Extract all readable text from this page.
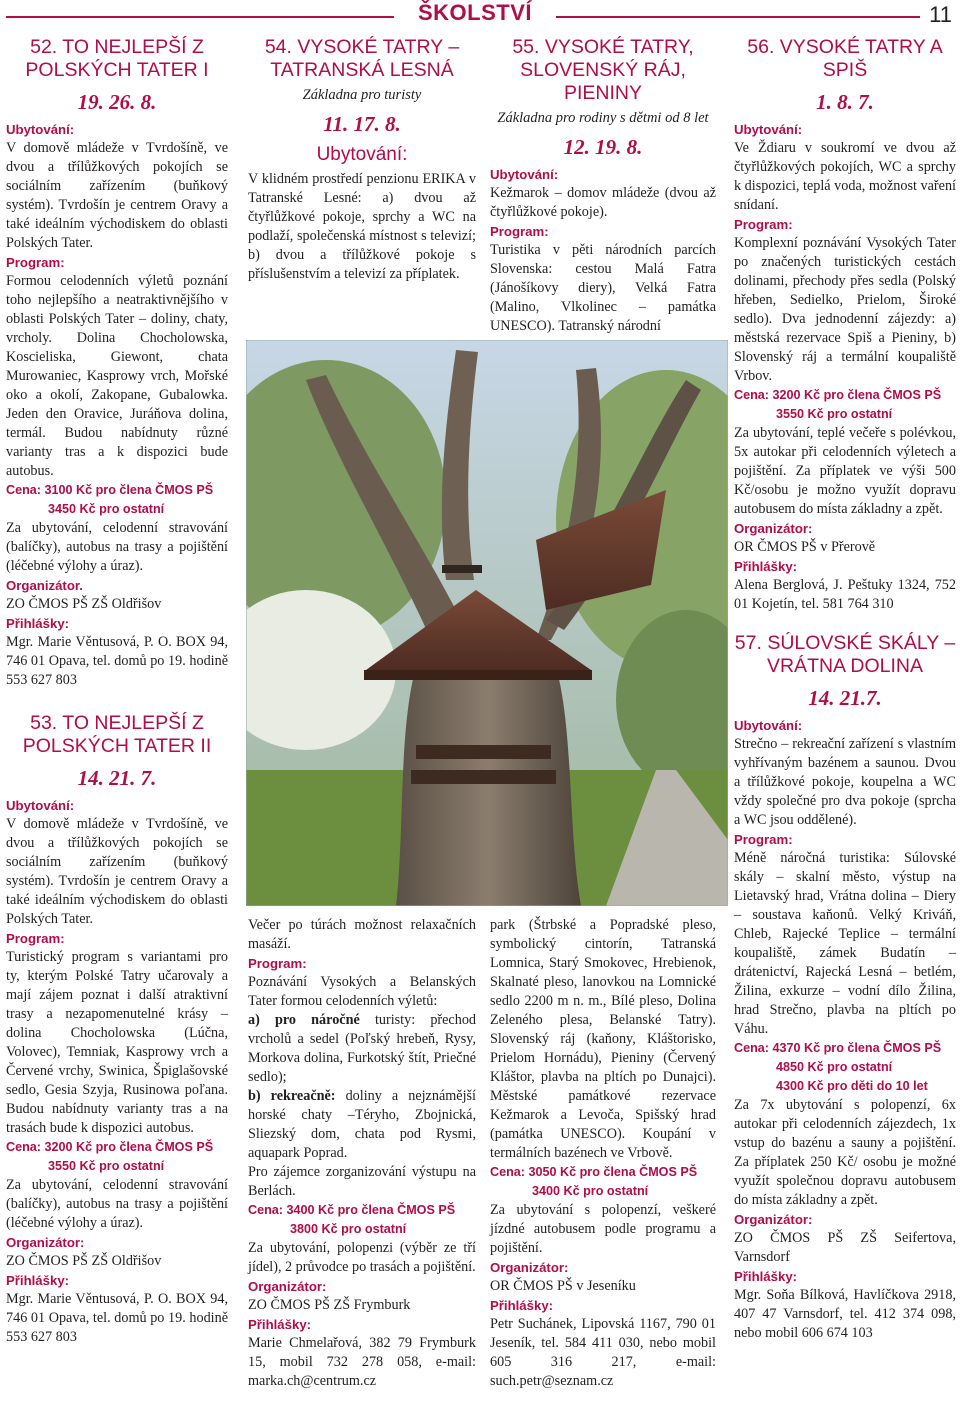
ŠKOLSTVÍ	11
52. TO NEJLEPŠÍ Z POLSKÝCH TATER I
19. 26. 8.
Ubytování:
V domově mládeže v Tvrdošíně, ve dvou a třílůžkových pokojích se sociálním zařízením (buňkový systém). Tvrdošín je centrem Oravy a také ideálním východiskem do oblasti Polských Tater.
Program:
Formou celodenních výletů poznání toho nejlepšího a neatraktivnějšího v oblasti Polských Tater – doliny, chaty, vrcholy. Dolina Chocholowska, Koscieliska, Giewont, chata Murowaniec, Kasprowy vrch, Mořské oko a okolí, Zakopane, Gubalowka. Jeden den Oravice, Juráňova dolina, termál. Budou nabídnuty různé varianty tras a k dispozici bude autobus.
Cena: 3100 Kč pro člena ČMOS PŠ
3450 Kč pro ostatní
Za ubytování, celodenní stravování (balíčky), autobus na trasy a pojištění (léčebné výlohy a úraz).
Organizátor.
ZO ČMOS PŠ ZŠ Oldřišov
Přihlášky:
Mgr. Marie Věntusová, P. O. BOX 94, 746 01 Opava, tel. domů po 19. hodině 553 627 803
53. TO NEJLEPŠÍ Z POLSKÝCH TATER II
14. 21. 7.
Ubytování:
V domově mládeže v Tvrdošíně, ve dvou a třílůžkových pokojích se sociálním zařízením (buňkový systém). Tvrdošín je centrem Oravy a také ideálním východiskem do oblasti Polských Tater.
Program:
Turistický program s variantami pro ty, kterým Polské Tatry učarovaly a mají zájem poznat i další atraktivní trasy a nezapomenutelné krásy – dolina Chocholowska (Lúčna, Volovec), Temniak, Kasprowy vrch a Červené vrchy, Swinica, Špiglašovské sedlo, Gesia Szyja, Rusinowa poľana. Budou nabídnuty varianty tras a na trasách bude k dispozici autobus.
Cena: 3200 Kč pro člena ČMOS PŠ
3550 Kč pro ostatní
Za ubytování, celodenní stravování (balíčky), autobus na trasy a pojištění (léčebné výlohy a úraz).
Organizátor:
ZO ČMOS PŠ ZŠ Oldřišov
Přihlášky:
Mgr. Marie Věntusová, P. O. BOX 94, 746 01 Opava, tel. domů po 19. hodině 553 627 803
54. VYSOKÉ TATRY – TATRANSKÁ LESNÁ
Základna pro turisty
11. 17. 8.
Ubytování:
V klidném prostředí penzionu ERIKA v Tatranské Lesné: a) dvou až čtyřlůžkové pokoje, sprchy a WC na podlaží, společenská místnost s televizí; b) dvou a třílůžkové pokoje s příslušenstvím a televizí za příplatek.
Večer po túrách možnost relaxačních masáží.
Program:
Poznávání Vysokých a Belanských Tater formou celodenních výletů:
a) pro náročné turisty: přechod vrcholů a sedel (Poľský hrebeň, Rysy, Morkova dolina, Furkotský štít, Priečné sedlo);
b) rekreačně: doliny a nejznámější horské chaty –Téryho, Zbojnická, Sliezský dom, chata pod Rysmi, aquapark Poprad.
Pro zájemce zorganizování výstupu na Berlách.
Cena: 3400 Kč pro člena ČMOS PŠ
3800 Kč pro ostatní
Za ubytování, polopenzi (výběr ze tří jídel), 2 průvodce po trasách a pojištění.
Organizátor:
ZO ČMOS PŠ ZŠ Frymburk
Přihlášky:
Marie Chmelařová, 382 79 Frymburk 15, mobil 732 278 058, e-mail: marka.ch@centrum.cz
55. VYSOKÉ TATRY, SLOVENSKÝ RÁJ, PIENINY
Základna pro rodiny s dětmi od 8 let
12. 19. 8.
Ubytování:
Kežmarok – domov mládeže (dvou až čtyřlůžkové pokoje).
Program:
Turistika v pěti národních parcích Slovenska: cestou Malá Fatra (Jánošíkovy diery), Velká Fatra (Malino, Vlkolinec – památka UNESCO). Tatranský národní
park (Štrbské a Popradské pleso, symbolický cintorín, Tatranská Lomnica, Starý Smokovec, Hrebienok, Skalnaté pleso, lanovkou na Lomnické sedlo 2200 m n. m., Bílé pleso, Dolina Zeleného plesa, Belanské Tatry). Slovenský ráj (kaňony, Kláštorisko, Prielom Hornádu), Pieniny (Červený Kláštor, plavba na pltích po Dunajci). Městské památkové rezervace Kežmarok a Levoča, Spišský hrad (památka UNESCO). Koupání v termálních bazénech ve Vrbově.
Cena: 3050 Kč pro člena ČMOS PŠ
3400 Kč pro ostatní
Za ubytování s polopenzí, veškeré jízdné autobusem podle programu a pojištění.
Organizátor:
OR ČMOS PŠ v Jeseníku
Přihlášky:
Petr Suchánek, Lipovská 1167, 790 01 Jeseník, tel. 584 411 030, nebo mobil 605 316 217, e-mail: such.petr@seznam.cz
56. VYSOKÉ TATRY A SPIŠ
1. 8. 7.
Ubytování:
Ve Ždiaru v soukromí ve dvou až čtyřlůžkových pokojích, WC a sprchy k dispozici, teplá voda, možnost vaření snídaní.
Program:
Komplexní poznávání Vysokých Tater po značených turistických cestách dolinami, přechody přes sedla (Polský hřeben, Sedielko, Prielom, Široké sedlo). Dva jednodenní zájezdy: a) městská rezervace Spiš a Pieniny, b) Slovenský ráj a termální koupaliště Vrbov.
Cena: 3200 Kč pro člena ČMOS PŠ
3550 Kč pro ostatní
Za ubytování, teplé večeře s polévkou, 5x autokar při celodenních výletech a pojištění. Za příplatek ve výši 500 Kč/osobu je možno využít dopravu autobusem do místa základny a zpět.
Organizátor:
OR ČMOS PŠ v Přerově
Přihlášky:
Alena Berglová, J. Peštuky 1324, 752 01 Kojetín, tel. 581 764 310
57. SÚLOVSKÉ SKÁLY – VRÁTNA DOLINA
14. 21.7.
Ubytování:
Strečno – rekreační zařízení s vlastním vyhřívaným bazénem a saunou. Dvou a třílůžkové pokoje, koupelna a WC vždy společné pro dva pokoje (sprcha a WC jsou oddělené).
Program:
Méně náročná turistika: Súlovské skály – skalní město, výstup na Lietavský hrad, Vrátna dolina – Diery – soustava kaňonů. Velký Kriváň, Chleb, Rajecké Teplice – termální koupaliště, zámek Budatín – drátenictví, Rajecká Lesná – betlém, Žilina, exkurze – vodní dílo Žilina, hrad Strečno, plavba na pltích po Váhu.
Cena: 4370 Kč pro člena ČMOS PŠ
4850 Kč pro ostatní
4300 Kč pro děti do 10 let
Za 7x ubytování s polopenzí, 6x autokar při celodenních zájezdech, 1x vstup do bazénu a sauny a pojištění. Za příplatek 250 Kč/ osobu je možné využít společnou dopravu autobusem do místa základny a zpět.
Organizátor:
ZO ČMOS PŠ ZŠ Seifertova, Varnsdorf
Přihlášky:
Mgr. Soňa Bílková, Havlíčkova 2918, 407 47 Varnsdorf, tel. 412 374 098, nebo mobil 606 674 103
